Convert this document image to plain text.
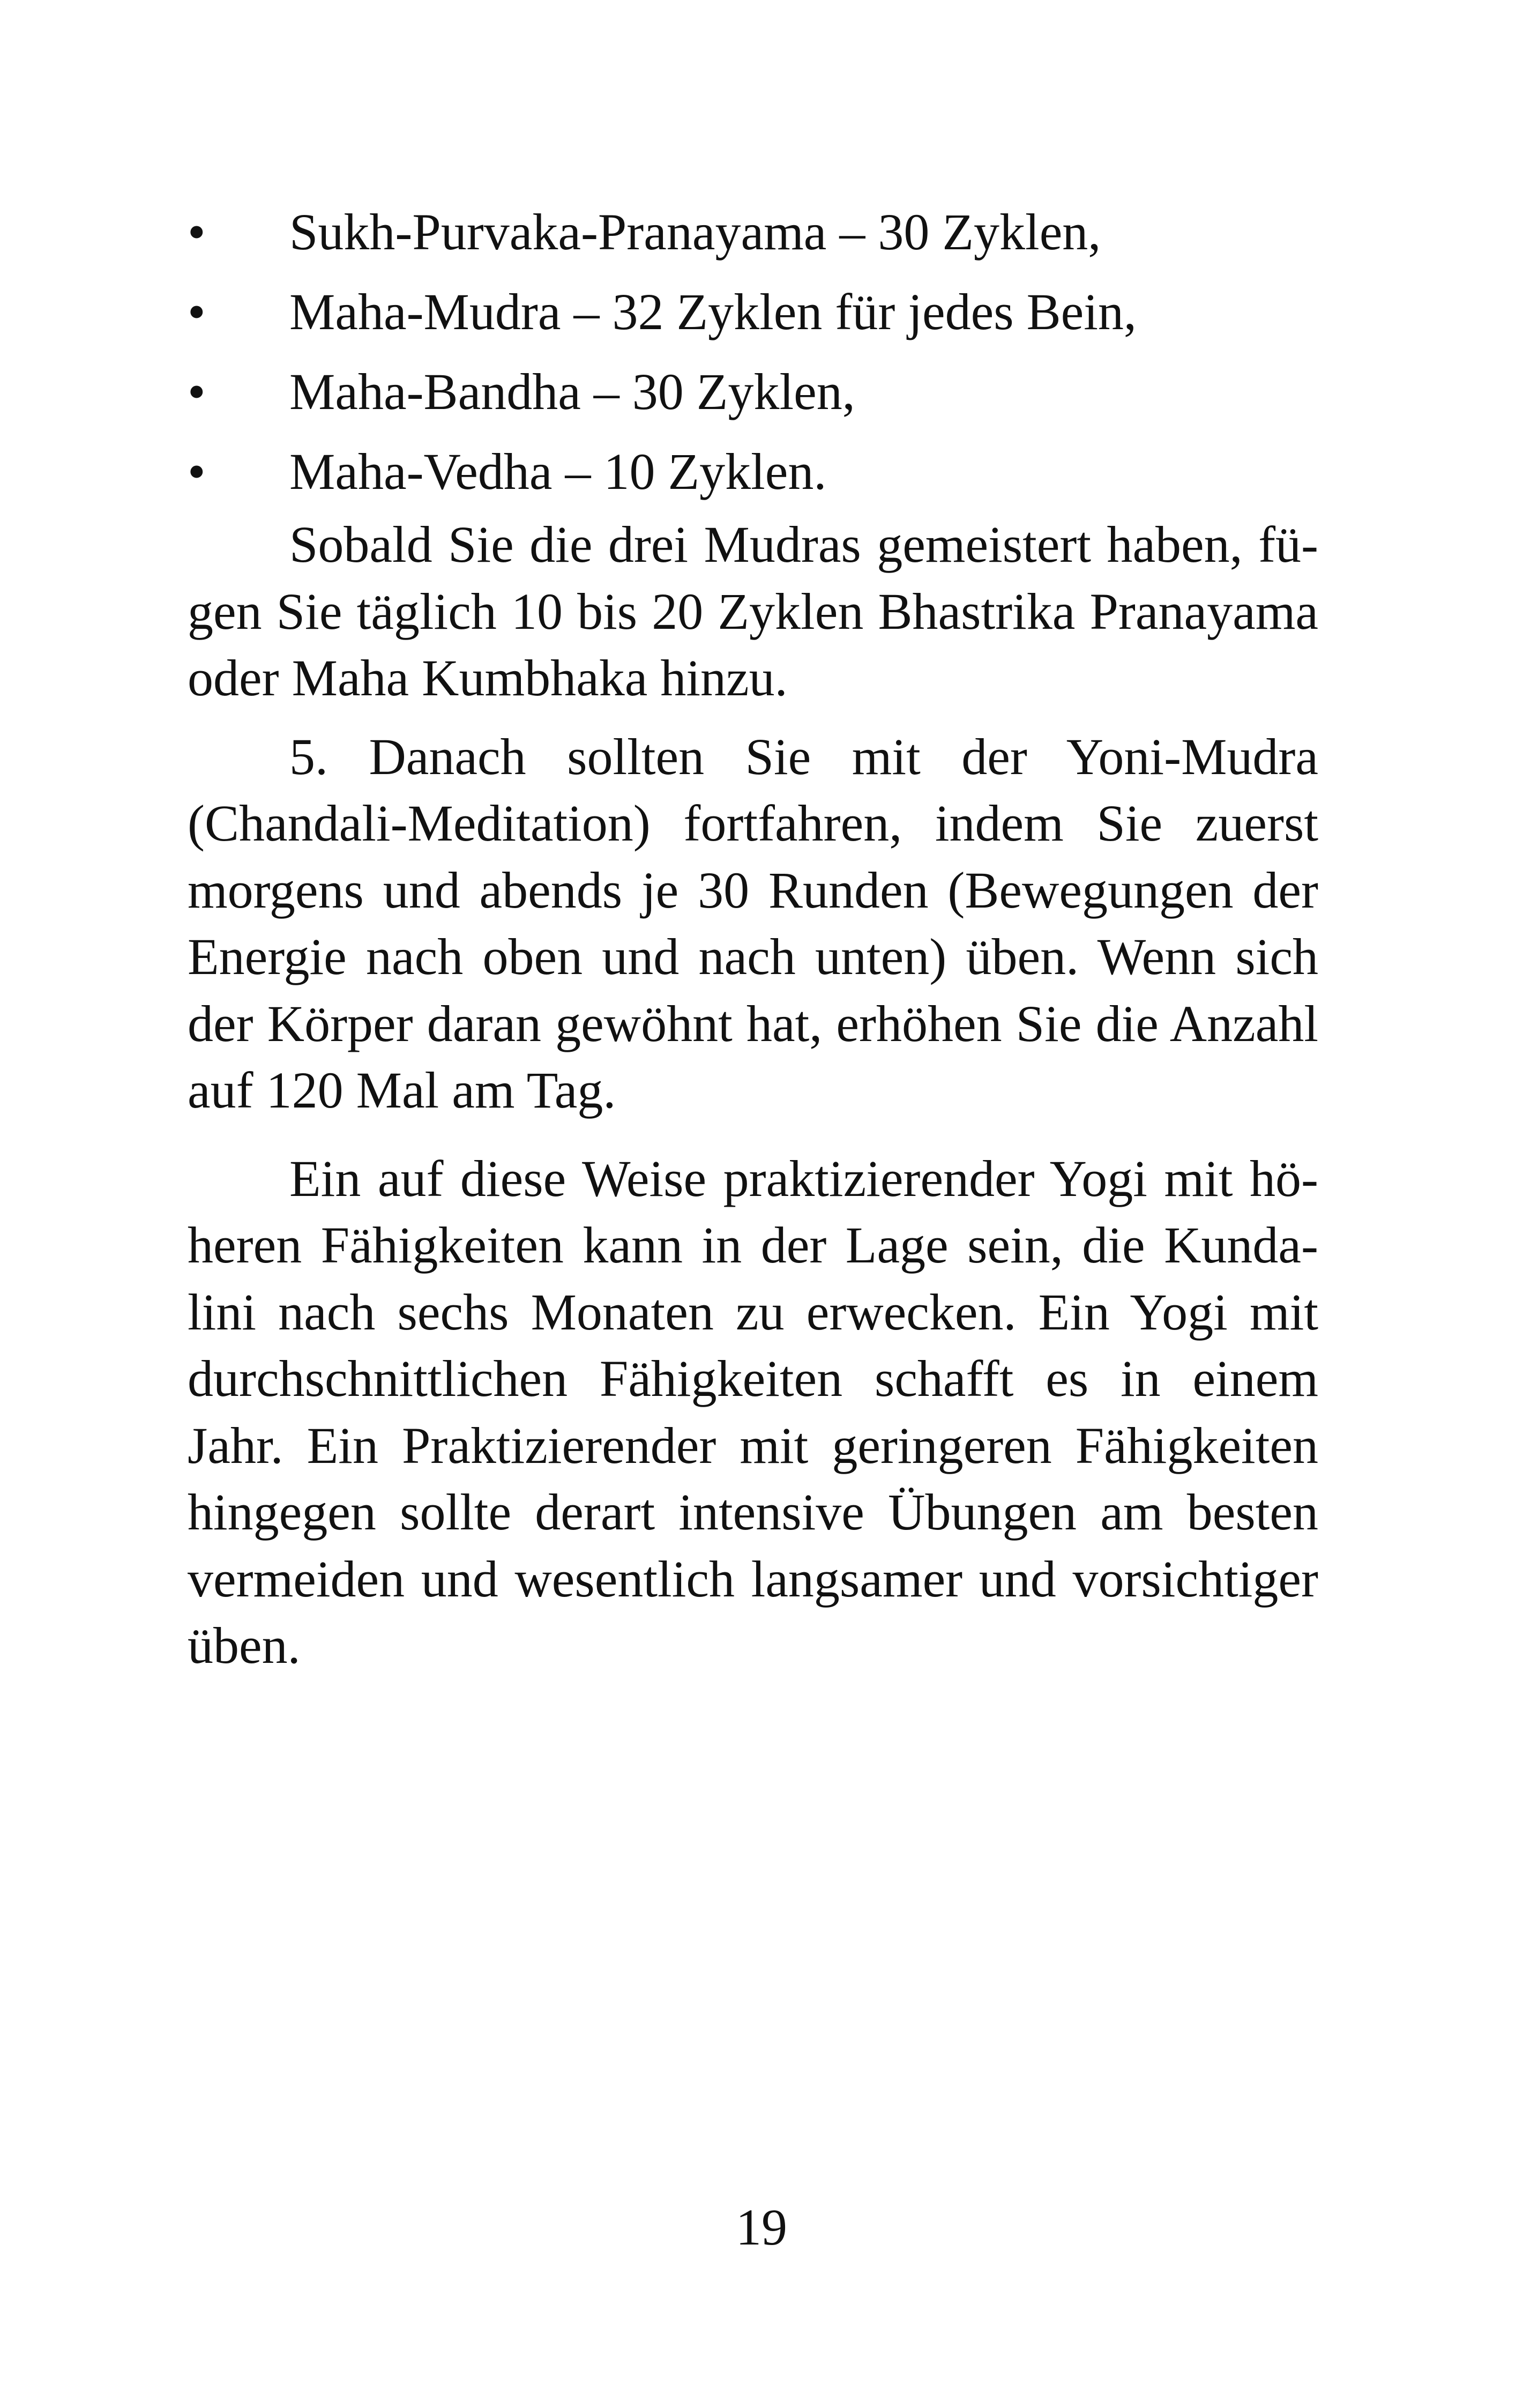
• Sukh-Purvaka-Pranayama – 30 Zyklen,
• Maha-Mudra – 32 Zyklen für jedes Bein,
• Maha-Bandha – 30 Zyklen,
• Maha-Vedha – 10 Zyklen.

Sobald Sie die drei Mudras gemeistert haben, fügen Sie täglich 10 bis 20 Zyklen Bhastrika Pranayama oder Maha Kumbhaka hinzu.

5. Danach sollten Sie mit der Yoni-Mudra (Chandali-Meditation) fortfahren, indem Sie zuerst morgens und abends je 30 Runden (Bewegungen der Energie nach oben und nach unten) üben. Wenn sich der Körper daran gewöhnt hat, erhöhen Sie die Anzahl auf 120 Mal am Tag.

Ein auf diese Weise praktizierender Yogi mit höheren Fähigkeiten kann in der Lage sein, die Kundalini nach sechs Monaten zu erwecken. Ein Yogi mit durchschnittlichen Fähigkeiten schafft es in einem Jahr. Ein Praktizierender mit geringeren Fähigkeiten hingegen sollte derart intensive Übungen am besten vermeiden und wesentlich langsamer und vorsichtiger üben.

19
